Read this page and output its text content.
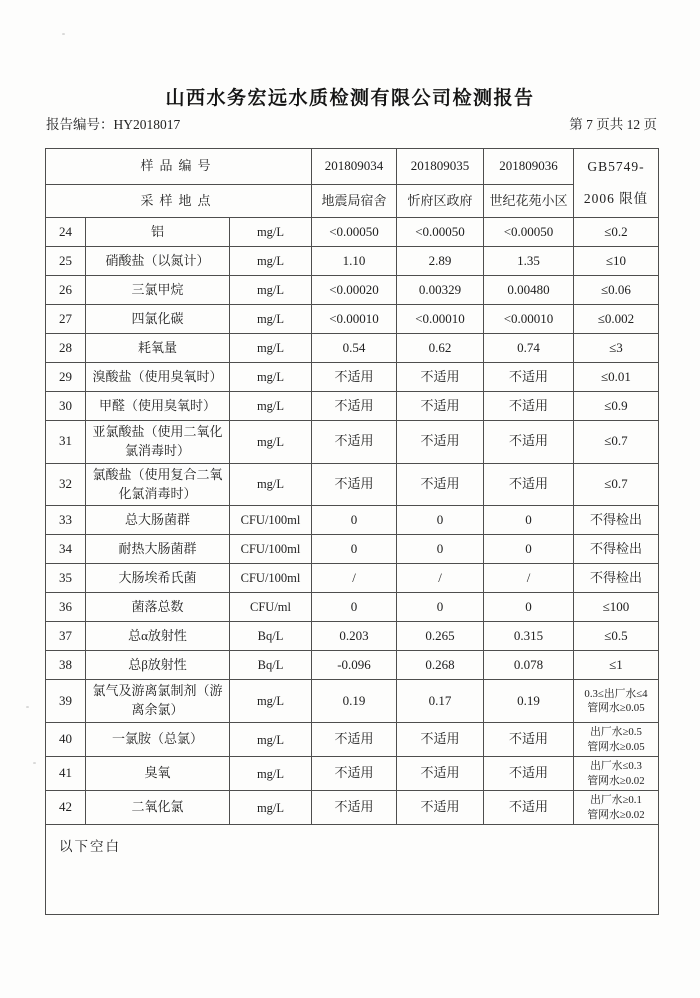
山西水务宏远水质检测有限公司检测报告
报告编号：HY2018017	第 7 页共 12 页
样品编号			201809034	201809035	201809036	GB5749-
2006 限值

采样地点			地震局宿舍	忻府区政府	世纪花苑小区	
24	铝	mg/L	<0.00050	<0.00050	<0.00050	≤0.2
25	硝酸盐（以氮计）	mg/L	1.10	2.89	1.35	≤10
26	三氯甲烷	mg/L	<0.00020	0.00329	0.00480	≤0.06
27	四氯化碳	mg/L	<0.00010	<0.00010	<0.00010	≤0.002
28	耗氧量	mg/L	0.54	0.62	0.74	≤3
29	溴酸盐（使用臭氧时）	mg/L	不适用	不适用	不适用	≤0.01
30	甲醛（使用臭氧时）	mg/L	不适用	不适用	不适用	≤0.9
31	亚氯酸盐（使用二氧化氯消毒时）	mg/L	不适用	不适用	不适用	≤0.7
32	氯酸盐（使用复合二氧化氯消毒时）	mg/L	不适用	不适用	不适用	≤0.7
33	总大肠菌群	CFU/100ml	0	0	0	不得检出
34	耐热大肠菌群	CFU/100ml	0	0	0	不得检出
35	大肠埃希氏菌	CFU/100ml	/	/	/	不得检出
36	菌落总数	CFU/ml	0	0	0	≤100
37	总α放射性	Bq/L	0.203	0.265	0.315	≤0.5
38	总β放射性	Bq/L	-0.096	0.268	0.078	≤1
39	氯气及游离氯制剂（游离余氯）	mg/L	0.19	0.17	0.19	0.3≤出厂水≤4
管网水≥0.05

40	一氯胺（总氯）	mg/L	不适用	不适用	不适用	出厂水≥0.5
管网水≥0.05

41	臭氧	mg/L	不适用	不适用	不适用	出厂水≤0.3
管网水≥0.02

42	二氧化氯	mg/L	不适用	不适用	不适用	出厂水≥0.1
管网水≥0.02

以下空白						
